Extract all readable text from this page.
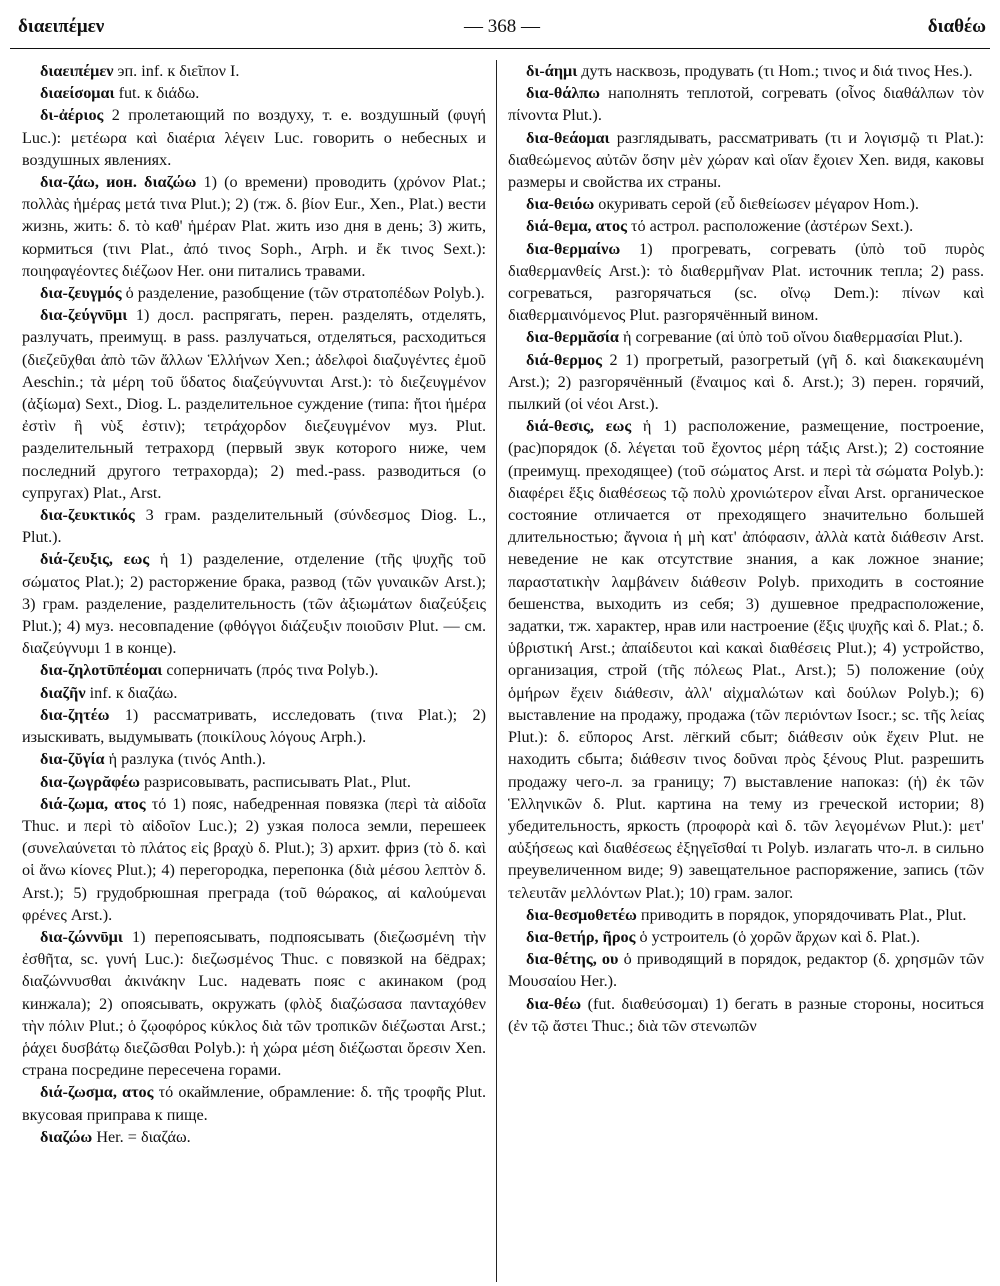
διαειπέμεν	— 368 —	διαθέω

διαειπέμεν эп. inf. к διεῖπον I.

διαείσομαι fut. к διάδω.

δι-ἀέριος 2 пролетающий по воздуху, т. е. воздушный (φυγή Luc.): μετέωρα καὶ διαέρια λέγειν Luc. говорить о небесных и воздушных явлениях.

δια-ζάω, ион. διαζώω 1) (о времени) проводить (χρόνον Plat.; πολλὰς ἡμέρας μετά τινα Plut.); 2) (тж. δ. βίον Eur., Xen., Plat.) вести жизнь, жить: δ. τὸ καθ' ἡμέραν Plat. жить изо дня в день; 3) жить, кормиться (τινι Plat., ἀπό τινος Soph., Arph. и ἔκ τινος Sext.): ποιηφαγέοντες διέζωον Her. они питались травами.

δια-ζευγμός ὁ разделение, разобщение (τῶν στρατοπέδων Polyb.).

δια-ζεύγνῡμι 1) досл. распрягать, перен. разделять, отделять, разлучать, преимущ. в pass. разлучаться, отделяться, расходиться (διεζεῦχθαι ἀπὸ τῶν ἄλλων Ἑλλήνων Xen.; ἀδελφοὶ διαζυγέντες ἐμοῦ Aeschin.; τὰ μέρη τοῦ ὕδατος διαζεύγνυνται Arst.): τὸ διεζευγμένον (ἀξίωμα) Sext., Diog. L. разделительное суждение (типа: ἤτοι ἡμέρα ἐστὶν ἢ νὺξ ἐστιν); τετράχορδον διεζευγμένον муз. Plut. разделительный тетрахорд (первый звук которого ниже, чем последний другого тетрахорда); 2) med.-pass. разводиться (о супругах) Plat., Arst.

δια-ζευκτικός 3 грам. разделительный (σύνδεσμος Diog. L., Plut.).

διά-ζευξις, εως ἡ 1) разделение, отделение (τῆς ψυχῆς τοῦ σώματος Plat.); 2) расторжение брака, развод (τῶν γυναικῶν Arst.); 3) грам. разделение, разделительность (τῶν ἀξιωμάτων διαζεύξεις Plut.); 4) муз. несовпадение (φθόγγοι διάζευξιν ποιοῦσιν Plut. — см. διαζεύγνυμι 1 в конце).

δια-ζηλοτῡπέομαι соперничать (πρός τινα Polyb.).

διαζῆν inf. к διαζάω.

δια-ζητέω 1) рассматривать, исследовать (τινα Plat.); 2) изыскивать, выдумывать (ποικίλους λόγους Arph.).

δια-ζῠγία ἡ разлука (τινός Anth.).

δια-ζωγρᾰφέω разрисовывать, расписывать Plat., Plut.

διά-ζωμα, ατος τό 1) пояс, набедренная повязка (περὶ τὰ αἰδοῖα Thuc. и περὶ τὸ αἰδοῖον Luc.); 2) узкая полоса земли, перешеек (συνελαύνεται τὸ πλάτος εἰς βραχὺ δ. Plut.); 3) архит. фриз (τὸ δ. καὶ οἱ ἄνω κίονες Plut.); 4) перегородка, перепонка (διὰ μέσου λεπτὸν δ. Arst.); 5) грудобрюшная преграда (τοῦ θώρακος, αἱ καλούμεναι φρένες Arst.).

δια-ζώννῡμι 1) перепоясывать, подпоясывать (διεζωσμένη τὴν ἐσθῆτα, sc. γυνή Luc.): διεζωσμένος Thuc. с повязкой на бёдрах; διαζώννυσθαι ἀκινάκην Luc. надевать пояс с акинаком (род кинжала); 2) опоясывать, окружать (φλὸξ διαζώσασα πανταχόθεν τὴν πόλιν Plut.; ὁ ζῳοφόρος κύκλος διὰ τῶν τροπικῶν διέζωσται Arst.; ῥάχει δυσβάτῳ διεζῶσθαι Polyb.): ἡ χώρα μέση διέζωσται ὄρεσιν Xen. страна посредине пересечена горами.

διά-ζωσμα, ατος τό окаймление, обрамление: δ. τῆς τροφῆς Plut. вкусовая приправа к пище.

διαζώω Her. = διαζάω.

δι-άημι дуть насквозь, продувать (τι Hom.; τινος и διά τινος Hes.).

δια-θάλπω наполнять теплотой, согревать (οἶνος διαθάλπων τὸν πίνοντα Plut.).

δια-θεάομαι разглядывать, рассматривать (τι и λογισμῷ τι Plat.): διαθεώμενος αὐτῶν ὅσην μὲν χώραν καὶ οἵαν ἔχοιεν Xen. видя, каковы размеры и свойства их страны.

δια-θειόω окуривать серой (εὖ διεθείωσεν μέγαρον Hom.).

διά-θεμα, ατος τό астрол. расположение (ἀστέρων Sext.).

δια-θερμαίνω 1) прогревать, согревать (ὑπὸ τοῦ πυρὸς διαθερμανθείς Arst.): τὸ διαθερμῆναν Plat. источник тепла; 2) pass. согреваться, разгорячаться (sc. οἴνῳ Dem.): πίνων καὶ διαθερμαινόμενος Plut. разгорячённый вином.

δια-θερμᾰσία ἡ согревание (αἱ ὑπὸ τοῦ οἴνου διαθερμασίαι Plut.).

διά-θερμος 2 1) прогретый, разогретый (γῆ δ. καὶ διακεκαυμένη Arst.); 2) разгорячённый (ἔναιμος καὶ δ. Arst.); 3) перен. горячий, пылкий (οἱ νέοι Arst.).

διά-θεσις, εως ἡ 1) расположение, размещение, построение, (рас)порядок (δ. λέγεται τοῦ ἔχοντος μέρη τάξις Arst.); 2) состояние (преимущ. преходящее) (τοῦ σώματος Arst. и περὶ τὰ σώματα Polyb.): διαφέρει ἕξις διαθέσεως τῷ πολὺ χρονιώτερον εἶναι Arst. органическое состояние отличается от преходящего значительно большей длительностью; ἄγνοια ἡ μὴ κατ' ἀπόφασιν, ἀλλὰ κατὰ διάθεσιν Arst. неведение не как отсутствие знания, а как ложное знание; παραστατικὴν λαμβάνειν διάθεσιν Polyb. приходить в состояние бешенства, выходить из себя; 3) душевное предрасположение, задатки, тж. характер, нрав или настроение (ἕξις ψυχῆς καὶ δ. Plat.; δ. ὑβριστική Arst.; ἀπαίδευτοι καὶ κακαὶ διαθέσεις Plut.); 4) устройство, организация, строй (τῆς πόλεως Plat., Arst.); 5) положение (οὐχ ὁμήρων ἔχειν διάθεσιν, ἀλλ' αἰχμαλώτων καὶ δούλων Polyb.); 6) выставление на продажу, продажа (τῶν περιόντων Isocr.; sc. τῆς λείας Plut.): δ. εὔπορος Arst. лёгкий сбыт; διάθεσιν οὐκ ἔχειν Plut. не находить сбыта; διάθεσιν τινος δοῦναι πρὸς ξένους Plut. разрешить продажу чего-л. за границу; 7) выставление напоказ: (ἡ) ἐκ τῶν Ἑλληνικῶν δ. Plut. картина на тему из греческой истории; 8) убедительность, яркость (προφορὰ καὶ δ. τῶν λεγομένων Plut.): μετ' αὐξήσεως καὶ διαθέσεως ἐξηγεῖσθαί τι Polyb. излагать что-л. в сильно преувеличенном виде; 9) завещательное распоряжение, запись (τῶν τελευτᾶν μελλόντων Plat.); 10) грам. залог.

δια-θεσμοθετέω приводить в порядок, упорядочивать Plat., Plut.

δια-θετήρ, ῆρος ὁ устроитель (ὁ χορῶν ἄρχων καὶ δ. Plat.).

δια-θέτης, ου ὁ приводящий в порядок, редактор (δ. χρησμῶν τῶν Μουσαίου Her.).

δια-θέω (fut. διαθεύσομαι) 1) бегать в разные стороны, носиться (ἐν τῷ ἄστει Thuc.; διὰ τῶν στενωπῶν
